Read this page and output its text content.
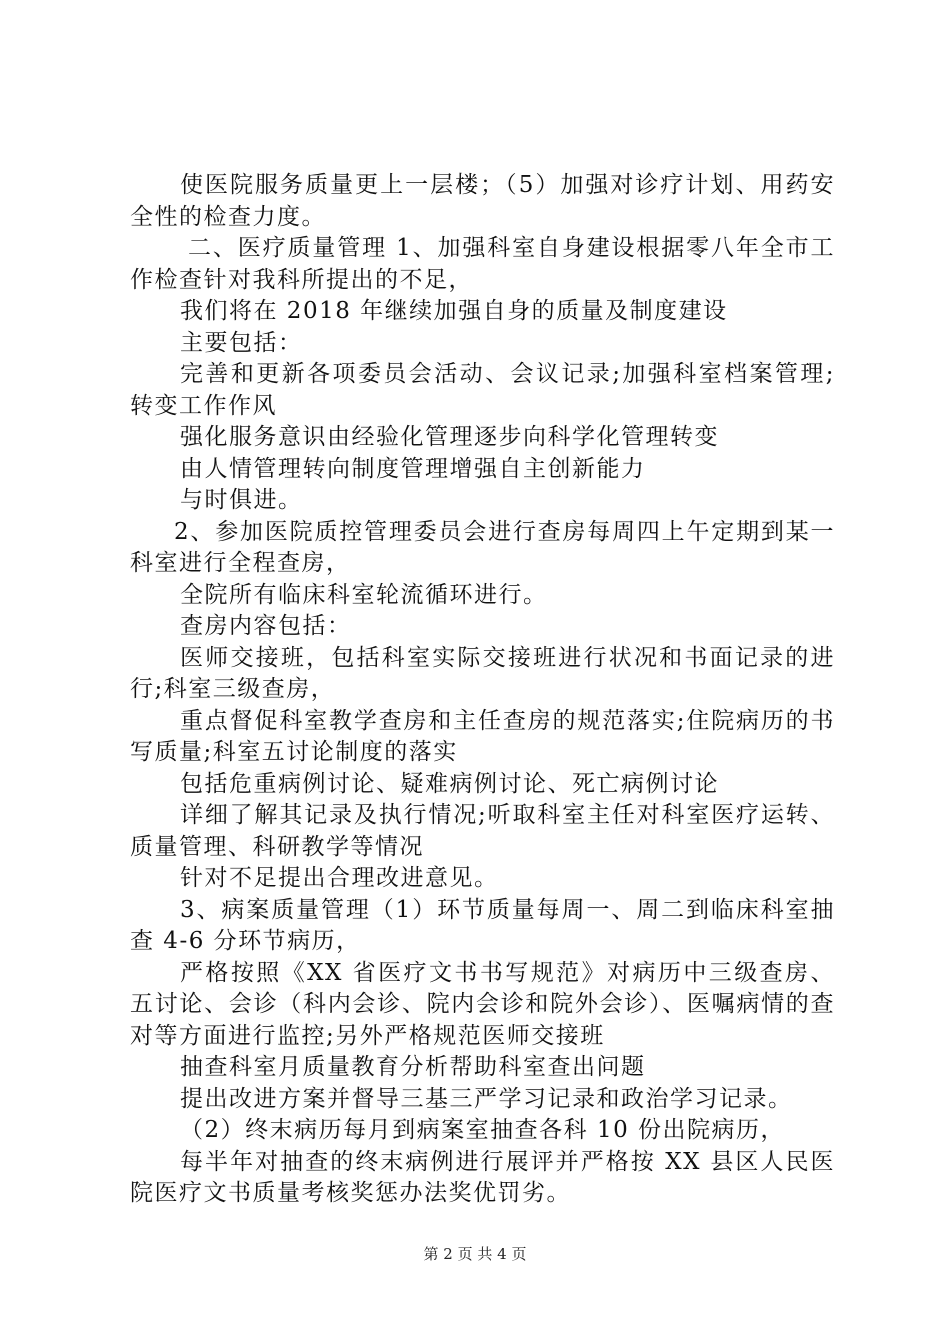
使医院服务质量更上一层楼；（5）加强对诊疗计划、用药安全性的检查力度。

二、医疗质量管理 1、加强科室自身建设根据零八年全市工作检查针对我科所提出的不足，

我们将在 2018 年继续加强自身的质量及制度建设

主要包括：

完善和更新各项委员会活动、会议记录;加强科室档案管理;转变工作作风

强化服务意识由经验化管理逐步向科学化管理转变

由人情管理转向制度管理增强自主创新能力

与时俱进。

2、参加医院质控管理委员会进行查房每周四上午定期到某一科室进行全程查房，

全院所有临床科室轮流循环进行。

查房内容包括：

医师交接班，包括科室实际交接班进行状况和书面记录的进行;科室三级查房，

重点督促科室教学查房和主任查房的规范落实;住院病历的书写质量;科室五讨论制度的落实

包括危重病例讨论、疑难病例讨论、死亡病例讨论

详细了解其记录及执行情况;听取科室主任对科室医疗运转、质量管理、科研教学等情况

针对不足提出合理改进意见。

3、病案质量管理（1）环节质量每周一、周二到临床科室抽查 4-6 分环节病历，

严格按照《XX 省医疗文书书写规范》对病历中三级查房、五讨论、会诊（科内会诊、院内会诊和院外会诊）、医嘱病情的查对等方面进行监控;另外严格规范医师交接班

抽查科室月质量教育分析帮助科室查出问题

提出改进方案并督导三基三严学习记录和政治学习记录。

（2）终末病历每月到病案室抽查各科 10 份出院病历，

每半年对抽查的终末病例进行展评并严格按 XX 县区人民医院医疗文书质量考核奖惩办法奖优罚劣。

第 2 页 共 4 页
